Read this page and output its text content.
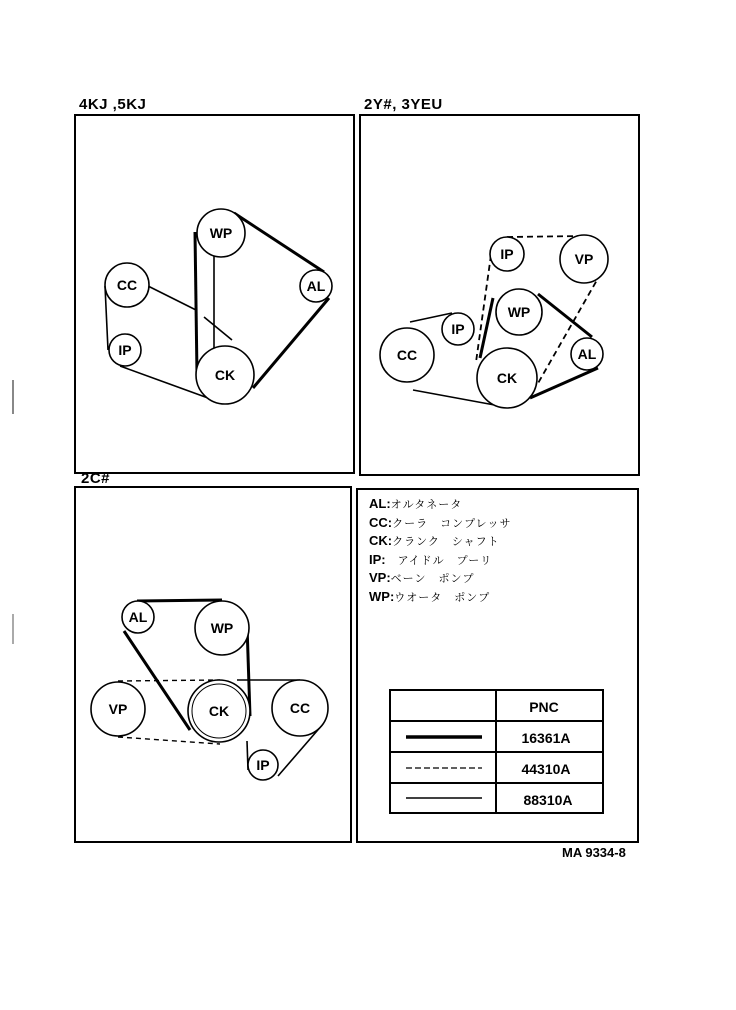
4KJ ,5KJ	2Y#, 3YEU
2C#
WP
AL
CC
IP
CK
IP	VP
WP
IP
CC	AL
CK
AL
WP
VP	CK	CC
IP
PNC
16361A
44310A
88310A
AL:オルタネータ
CC:クーラ　コンプレッサ
CK:クランク　シャフト
IP:　アイドル　プーリ
VP:ベーン　ポンプ
WP:ウオータ　ポンプ
MA 9334-8
